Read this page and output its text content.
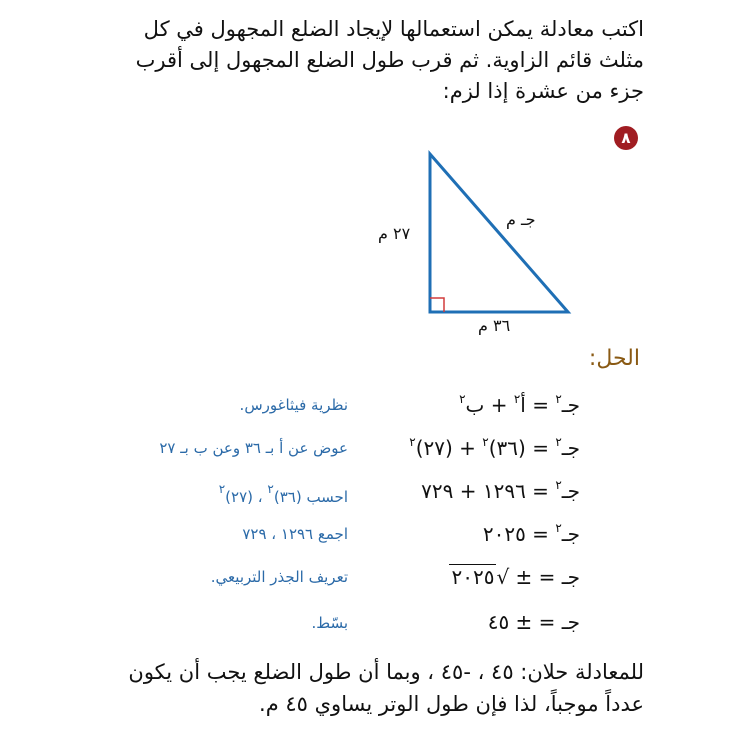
اكتب معادلة يمكن استعمالها لإيجاد الضلع المجهول في كل مثلث قائم الزاوية. ثم قرب طول الضلع المجهول إلى أقرب جزء من عشرة إذا لزم:
٨
جـ م
٢٧ م
٣٦ م
الحل:
جـ$^٢$ = أ$^٢$ + ب$^٢$
نظرية فيثاغورس.
جـ$^٢$ = (٣٦)$^٢$ + (٢٧)$^٢$
عوض عن أ بـ ٣٦ وعن ب بـ ٢٧
جـ$^٢$ = ١٢٩٦ + ٧٢٩
احسب (٣٦)$^٢$ ، (٢٧)$^٢$
جـ$^٢$ = ٢٠٢٥
اجمع ١٢٩٦ ، ٧٢٩
جـ = ± √٢٠٢٥
تعريف الجذر التربيعي.
جـ = ± ٤٥
بسّط.
للمعادلة حلان: ٤٥ ، -٤٥ ، وبما أن طول الضلع يجب أن يكون عدداً موجباً، لذا فإن طول الوتر يساوي ٤٥ م.
